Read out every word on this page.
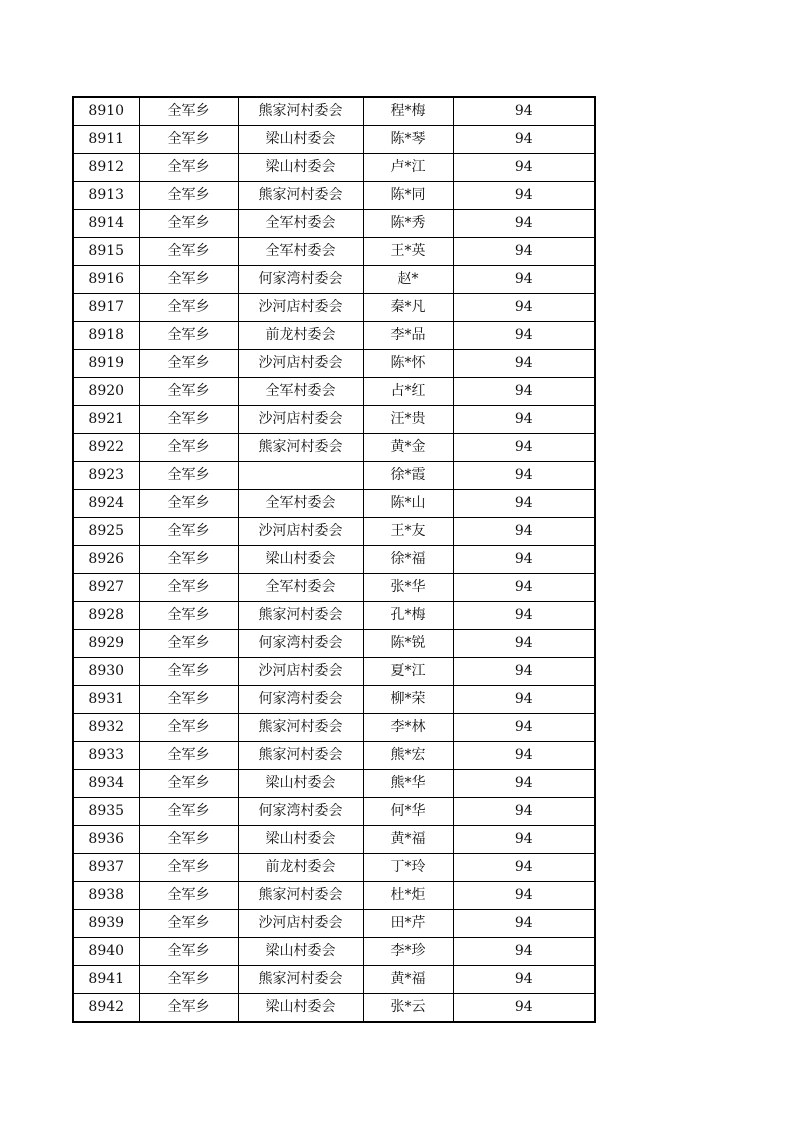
8910	全军乡	熊家河村委会	程*梅	94
8911	全军乡	梁山村委会	陈*琴	94
8912	全军乡	梁山村委会	卢*江	94
8913	全军乡	熊家河村委会	陈*同	94
8914	全军乡	全军村委会	陈*秀	94
8915	全军乡	全军村委会	王*英	94
8916	全军乡	何家湾村委会	赵*	94
8917	全军乡	沙河店村委会	秦*凡	94
8918	全军乡	前龙村委会	李*品	94
8919	全军乡	沙河店村委会	陈*怀	94
8920	全军乡	全军村委会	占*红	94
8921	全军乡	沙河店村委会	汪*贵	94
8922	全军乡	熊家河村委会	黄*金	94
8923	全军乡		徐*霞	94
8924	全军乡	全军村委会	陈*山	94
8925	全军乡	沙河店村委会	王*友	94
8926	全军乡	梁山村委会	徐*福	94
8927	全军乡	全军村委会	张*华	94
8928	全军乡	熊家河村委会	孔*梅	94
8929	全军乡	何家湾村委会	陈*锐	94
8930	全军乡	沙河店村委会	夏*江	94
8931	全军乡	何家湾村委会	柳*荣	94
8932	全军乡	熊家河村委会	李*林	94
8933	全军乡	熊家河村委会	熊*宏	94
8934	全军乡	梁山村委会	熊*华	94
8935	全军乡	何家湾村委会	何*华	94
8936	全军乡	梁山村委会	黄*福	94
8937	全军乡	前龙村委会	丁*玲	94
8938	全军乡	熊家河村委会	杜*炬	94
8939	全军乡	沙河店村委会	田*芹	94
8940	全军乡	梁山村委会	李*珍	94
8941	全军乡	熊家河村委会	黄*福	94
8942	全军乡	梁山村委会	张*云	94
